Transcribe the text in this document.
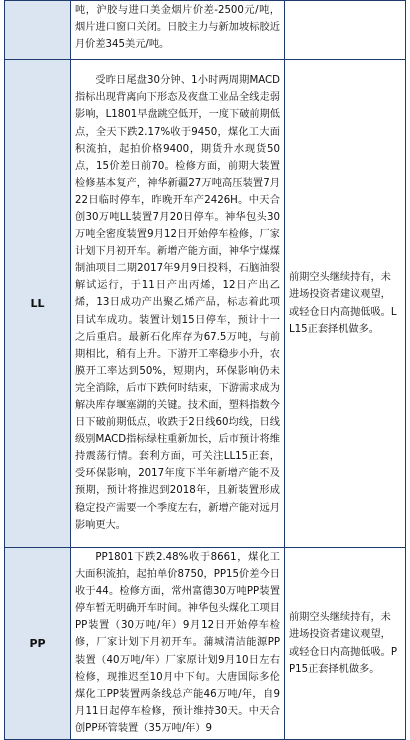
	吨，沪胶与进口美金烟片价差-2500元/吨，烟片进口窗口关闭。日胶主力与新加坡标胶近月价差345美元/吨。	

LL	受昨日尾盘30分钟、1小时两周期MACD指标出现背离向下形态及夜盘工业品全线走弱影响，L1801早盘跳空低开，一度下破前期低点，全天下跌2.17%收于9450，煤化工大面积流拍，起拍价格9400，期货升水现货50点，15价差日前70。检修方面，前期大装置检修基本复产，神华新疆27万吨高压装置7月22日临时停车，昨晚开车产2426H。中天合创30万吨LL装置7月20日停车。神华包头30万吨全密度装置9月12日开始停车检修，厂家计划下月初开车。新增产能方面，神华宁煤煤制油项目二期2017年9月9日投料，石脑油裂解试运行，于11日产出丙烯，12日产出乙烯，13日成功产出聚乙烯产品，标志着此项目试车成功。装置计划15日停车，预计十一之后重启。最新石化库存为67.5万吨，与前期相比，稍有上升。下游开工率稳步小升，农膜开工率达到50%，短期内，环保影响仍未完全消除，后市下跌何时结束，下游需求成为解决库存堰塞湖的关键。技术面，塑料指数今日下破前期低点，收跌于2日线60均线，日线级别MACD指标绿柱重新加长，后市预计将维持震荡行情。套利方面，可关注LL15正套，受环保影响，2017年度下半年新增产能不及预期，预计将推迟到2018年，且新装置形成稳定投产需要一个季度左右，新增产能对远月影响更大。	前期空头继续持有，未进场投资者建议观望，或轻仓日内高抛低吸。LL15正套择机做多。
PP	PP1801下跌2.48%收于8661，煤化工大面积流拍，起拍单价8750，PP15价差今日收于44。检修方面，常州富德30万吨PP装置停车暂无明确开车时间。神华包头煤化工项目PP装置（30万吨/年）9月12日开始停车检修，厂家计划下月初开车。蒲城清洁能源PP装置（40万吨/年）厂家原计划9月10日左右检修，现推迟至10月中下旬。大唐国际多伦煤化工PP装置两条线总产能46万吨/年，自9月11日起停车检修，预计维持30天。中天合创PP环管装置（35万吨/年）9	前期空头继续持有，未进场投资者建议观望，或轻仓日内高抛低吸。PP15正套择机做多。
